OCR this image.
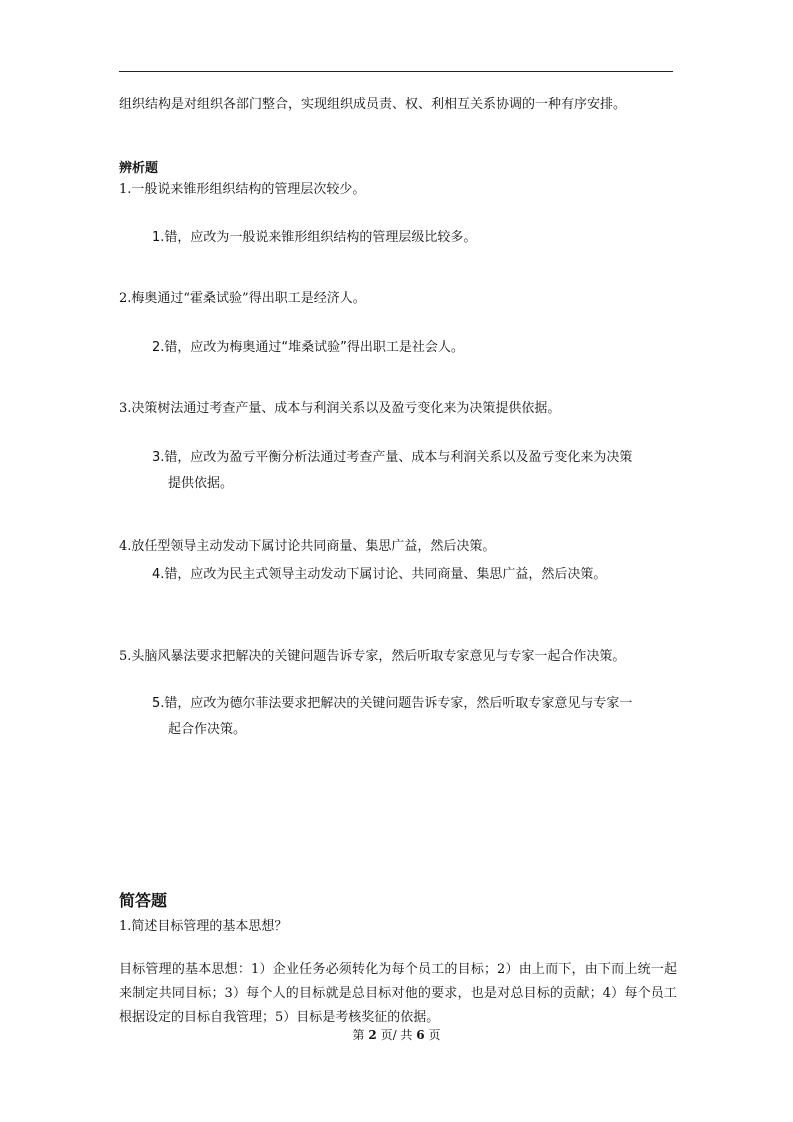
组织结构是对组织各部门整合，实现组织成员责、权、利相互关系协调的一种有序安排。
辨析题
1.一般说来锥形组织结构的管理层次较少。
1.错，应改为一般说来锥形组织结构的管理层级比较多。
2.梅奥通过“霍桑试验”得出职工是经济人。
2.错，应改为梅奥通过“堆桑试验”得出职工是社会人。
3.决策树法通过考查产量、成本与利润关系以及盈亏变化来为决策提供依据。
3.错，应改为盈亏平衡分析法通过考查产量、成本与利润关系以及盈亏变化来为决策
提供依据。
4.放任型领导主动发动下属讨论共同商量、集思广益，然后决策。
4.错，应改为民主式领导主动发动下属讨论、共同商量、集思广益，然后决策。
5.头脑风暴法要求把解决的关键问题告诉专家，然后听取专家意见与专家一起合作决策。
5.错，应改为德尔菲法要求把解决的关键问题告诉专家，然后听取专家意见与专家一
起合作决策。
简答题
1.简述目标管理的基本思想？
目标管理的基本思想：1）企业任务必须转化为每个员工的目标；2）由上而下，由下而上统一起来制定共同目标；3）每个人的目标就是总目标对他的要求，也是对总目标的贡献；4）每个员工根据设定的目标自我管理；5）目标是考核奖征的依据。
第 2 页/ 共 6 页
